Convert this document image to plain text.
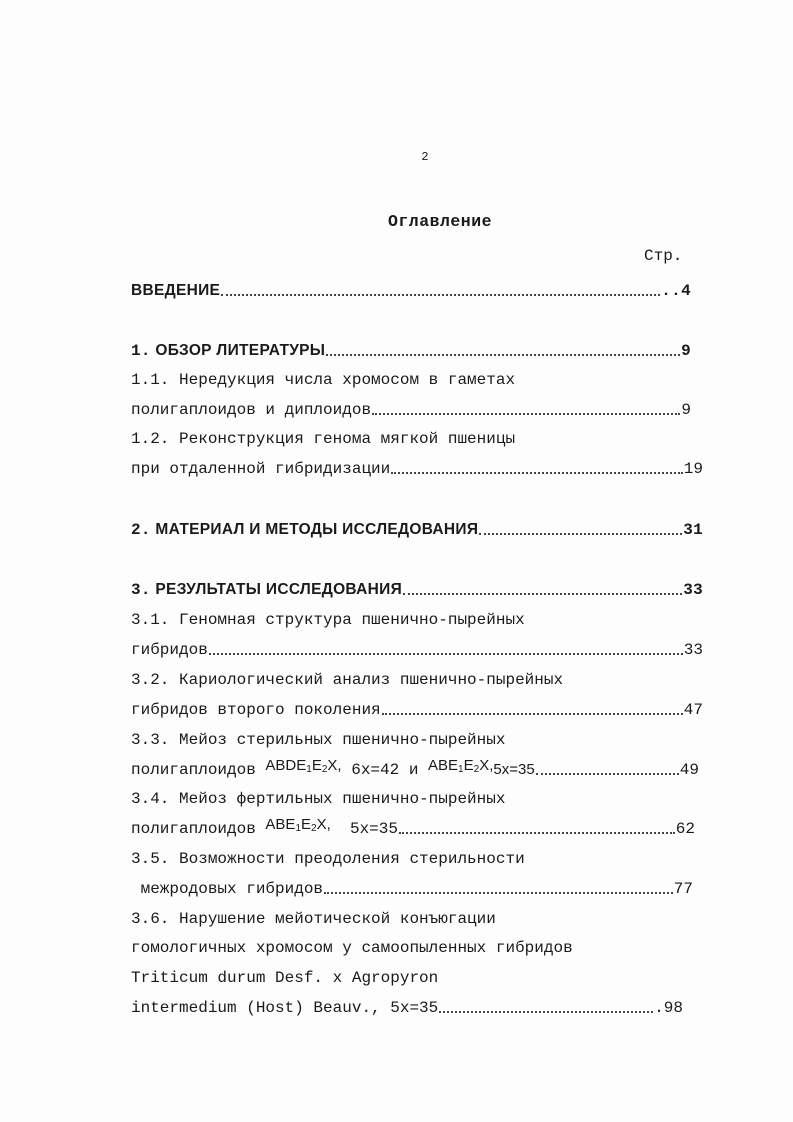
2
Оглавление
Стр.
ВВЕДЕНИЕ	..4
1. ОБЗОР ЛИТЕРАТУРЫ	9
1.1. Нередукция числа хромосом в гаметах
полигаплоидов и диплоидов	9
1.2. Реконструкция генома мягкой пшеницы
при отдаленной гибридизации	19
2. МАТЕРИАЛ И МЕТОДЫ ИССЛЕДОВАНИЯ	31
3. РЕЗУЛЬТАТЫ ИССЛЕДОВАНИЯ	33
3.1. Геномная структура пшенично-пырейных
гибридов	33
3.2. Кариологический анализ пшенично-пырейных
гибридов второго поколения	47
3.3. Мейоз стерильных пшенично-пырейных
полигаплоидов $ABDE_1E_2X$, 6x=42 и $ABE_1E_2X$, 5x=35	49
3.4. Мейоз фертильных пшенично-пырейных
полигаплоидов $ABE_1E_2X$, 5x=35	62
3.5. Возможности преодоления стерильности
межродовых гибридов	77
3.6. Нарушение мейотической конъюгации
гомологичных хромосом у самоопыленных гибридов
Triticum durum Desf. x Agropyron
intermedium (Host) Beauv., 5x=35	.98
